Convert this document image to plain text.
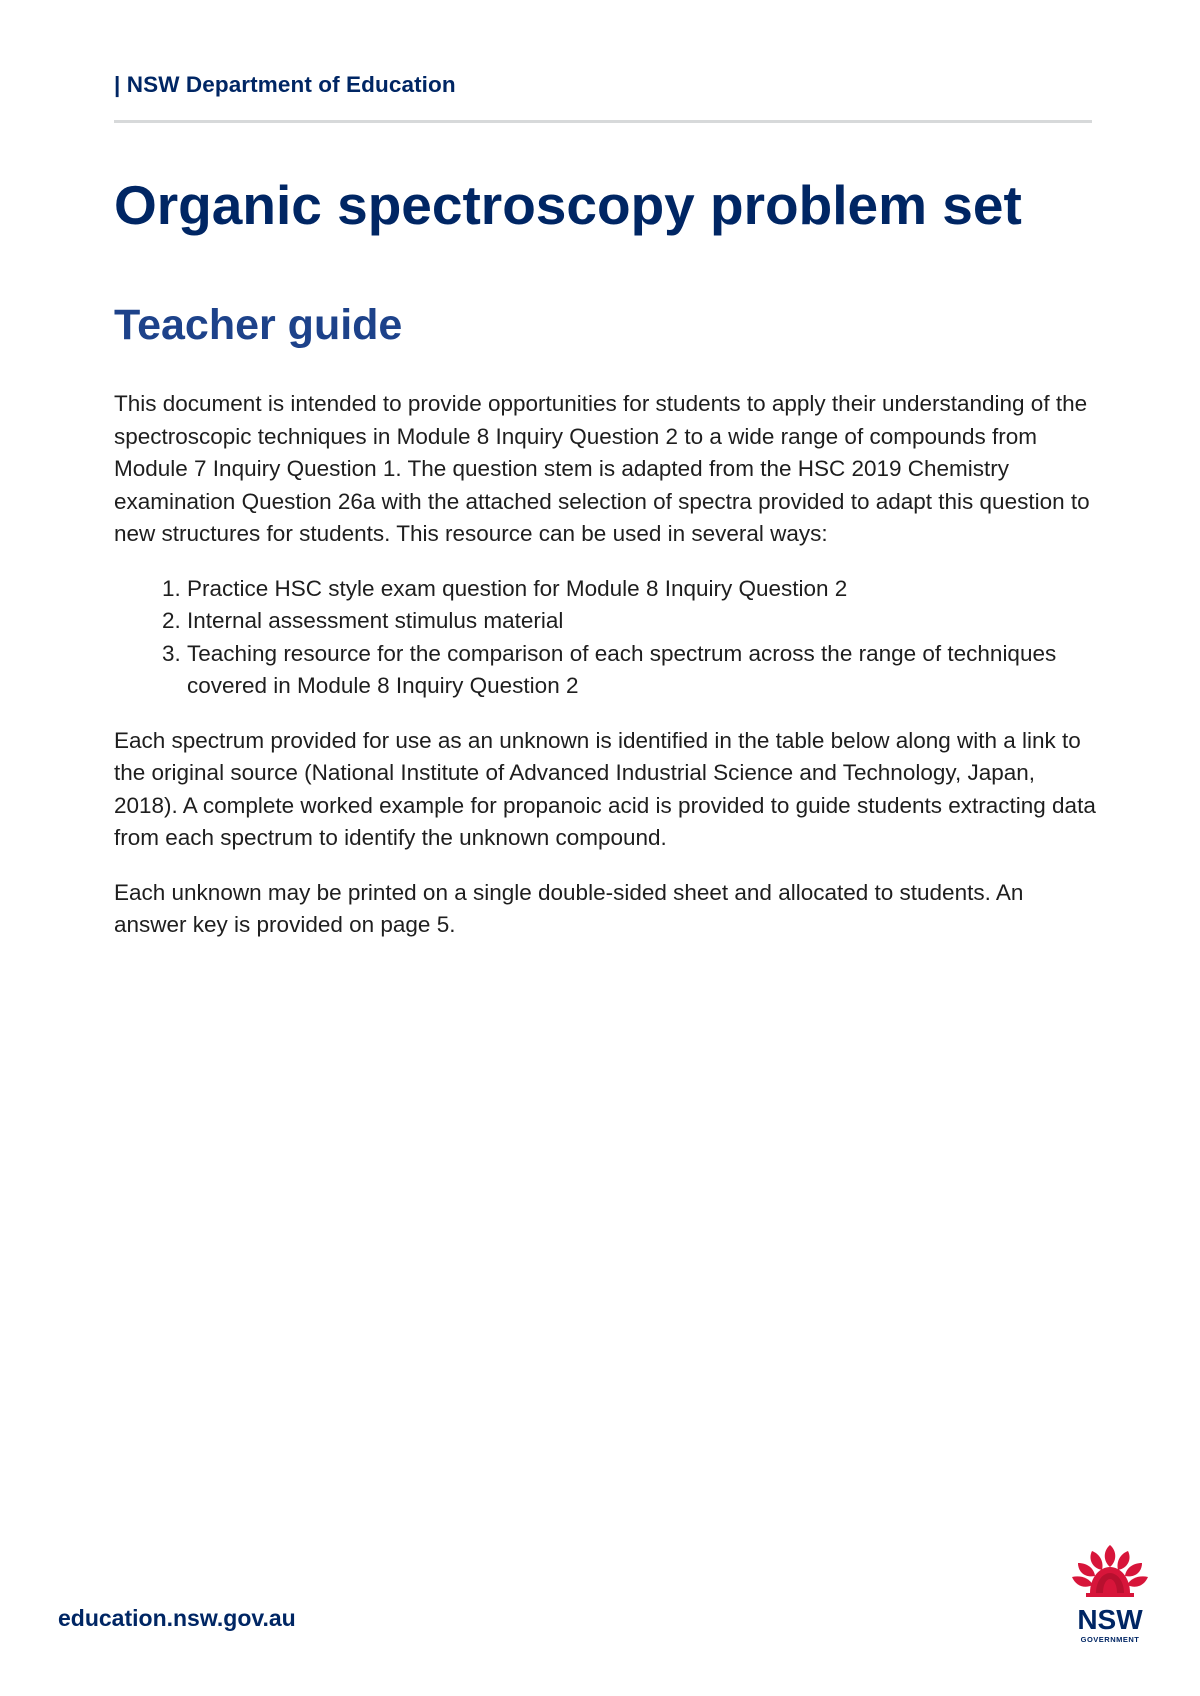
| NSW Department of Education
Organic spectroscopy problem set
Teacher guide

This document is intended to provide opportunities for students to apply their understanding of the spectroscopic techniques in Module 8 Inquiry Question 2 to a wide range of compounds from Module 7 Inquiry Question 1. The question stem is adapted from the HSC 2019 Chemistry examination Question 26a with the attached selection of spectra provided to adapt this question to new structures for students. This resource can be used in several ways:

1. Practice HSC style exam question for Module 8 Inquiry Question 2
2. Internal assessment stimulus material
3. Teaching resource for the comparison of each spectrum across the range of techniques covered in Module 8 Inquiry Question 2

Each spectrum provided for use as an unknown is identified in the table below along with a link to the original source (National Institute of Advanced Industrial Science and Technology, Japan, 2018). A complete worked example for propanoic acid is provided to guide students extracting data from each spectrum to identify the unknown compound.

Each unknown may be printed on a single double-sided sheet and allocated to students. An answer key is provided on page 5.

education.nsw.gov.au	NSW
GOVERNMENT
